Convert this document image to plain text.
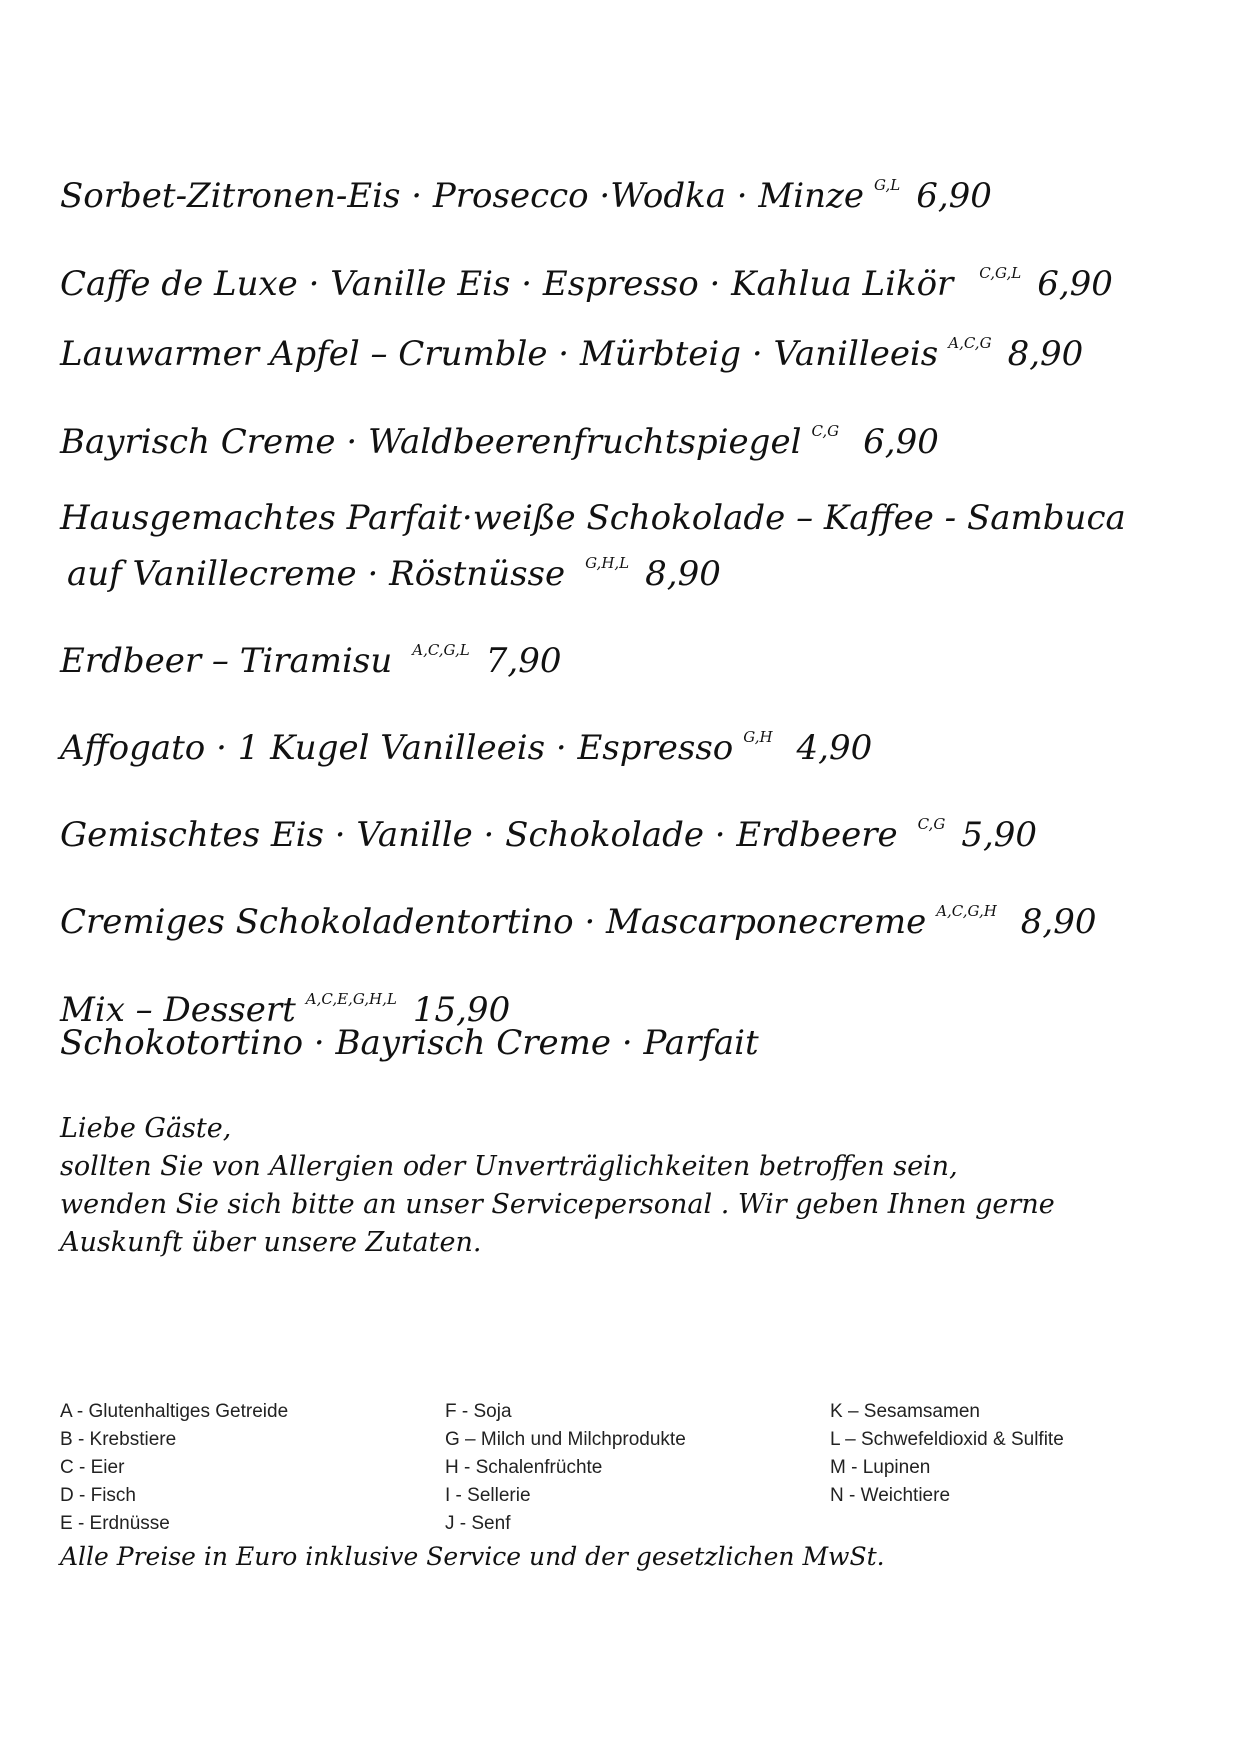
Sorbet-Zitronen-Eis · Prosecco ·Wodka · Minze $^{G,L}$ 6,90
Caffe de Luxe · Vanille Eis · Espresso · Kahlua Likör $^{C,G,L}$ 6,90
Lauwarmer Apfel – Crumble · Mürbteig · Vanilleeis $^{A,C,G}$ 8,90
Bayrisch Creme · Waldbeerenfruchtspiegel $^{C,G}$ 6,90
Hausgemachtes Parfait·weiße Schokolade – Kaffee - Sambuca
auf Vanillecreme · Röstnüsse $^{G,H,L}$ 8,90
Erdbeer – Tiramisu $^{A,C,G,L}$ 7,90
Affogato · 1 Kugel Vanilleeis · Espresso $^{G,H}$ 4,90
Gemischtes Eis · Vanille · Schokolade · Erdbeere $^{C,G}$ 5,90
Cremiges Schokoladentortino · Mascarponecreme $^{A,C,G,H}$ 8,90
Mix – Dessert $^{A,C,E,G,H,L}$ 15,90
Schokotortino · Bayrisch Creme · Parfait
Liebe Gäste,
sollten Sie von Allergien oder Unverträglichkeiten betroffen sein,
wenden Sie sich bitte an unser Servicepersonal . Wir geben Ihnen gerne
Auskunft über unsere Zutaten.
A - Glutenhaltiges Getreide	F - Soja	K – Sesamsamen
B - Krebstiere	G – Milch und Milchprodukte	L – Schwefeldioxid & Sulfite
C - Eier	H - Schalenfrüchte	M - Lupinen
D - Fisch	I - Sellerie	N - Weichtiere
E - Erdnüsse	J - Senf
Alle Preise in Euro inklusive Service und der gesetzlichen MwSt.
